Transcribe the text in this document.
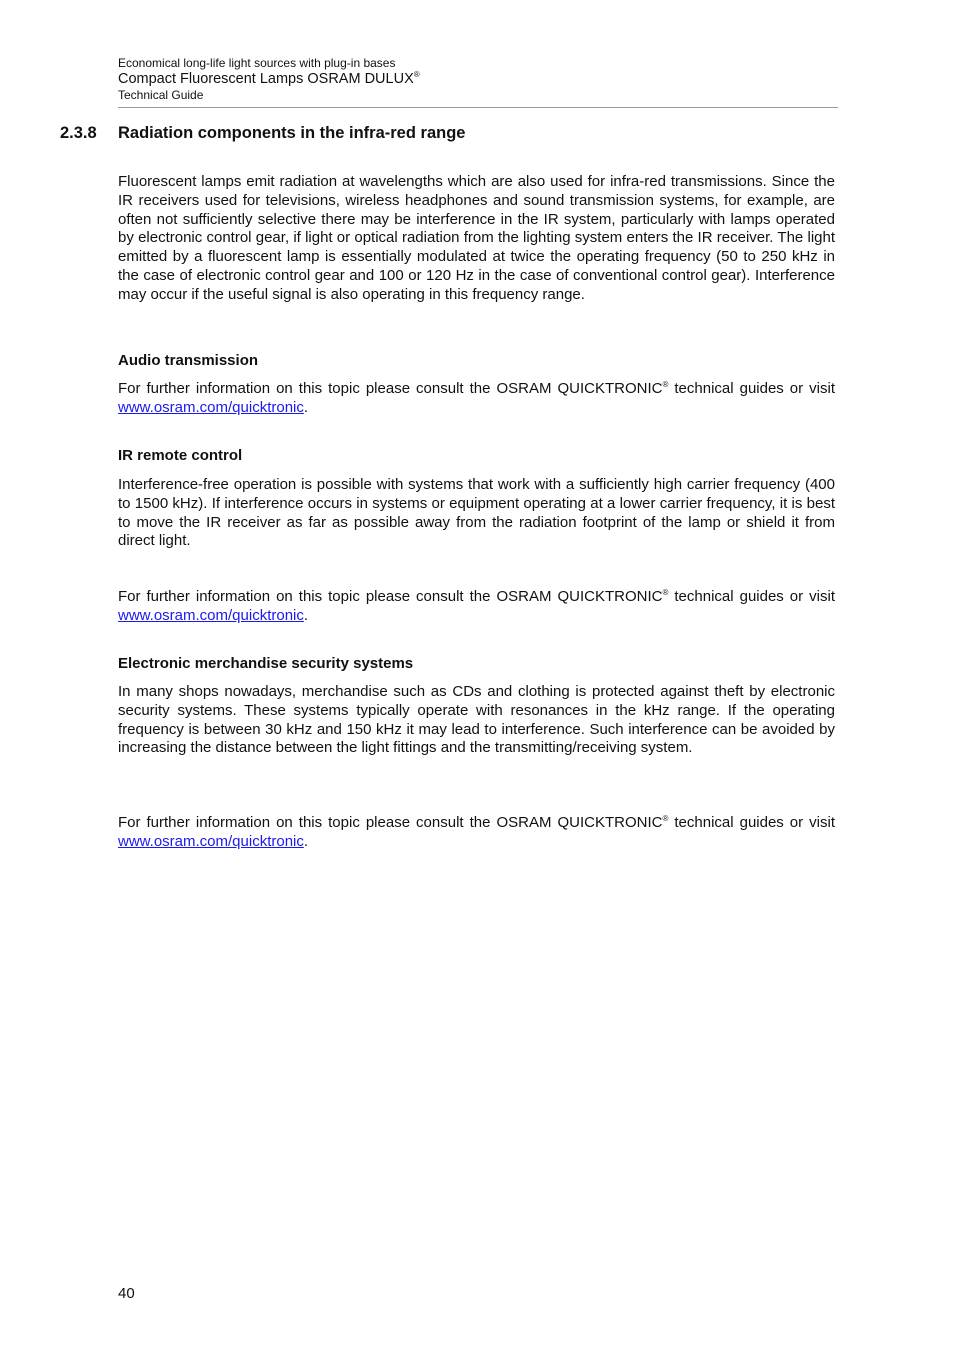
Economical long-life light sources with plug-in bases
Compact Fluorescent Lamps OSRAM DULUX®
Technical Guide
2.3.8 Radiation components in the infra-red range

Fluorescent lamps emit radiation at wavelengths which are also used for infra-red transmissions. Since the IR receivers used for televisions, wireless headphones and sound transmission systems, for example, are often not sufficiently selective there may be interference in the IR system, particularly with lamps operated by electronic control gear, if light or optical radiation from the lighting system enters the IR receiver. The light emitted by a fluorescent lamp is essentially modulated at twice the operating frequency (50 to 250 kHz in the case of electronic control gear and 100 or 120 Hz in the case of conventional control gear). Interference may occur if the useful signal is also operating in this frequency range.

Audio transmission

For further information on this topic please consult the OSRAM QUICKTRONIC® technical guides or visit www.osram.com/quicktronic.

IR remote control

Interference-free operation is possible with systems that work with a sufficiently high carrier frequency (400 to 1500 kHz). If interference occurs in systems or equipment operating at a lower carrier frequency, it is best to move the IR receiver as far as possible away from the radiation footprint of the lamp or shield it from direct light.

For further information on this topic please consult the OSRAM QUICKTRONIC® technical guides or visit www.osram.com/quicktronic.

Electronic merchandise security systems

In many shops nowadays, merchandise such as CDs and clothing is protected against theft by electronic security systems. These systems typically operate with resonances in the kHz range. If the operating frequency is between 30 kHz and 150 kHz it may lead to interference. Such interference can be avoided by increasing the distance between the light fittings and the transmitting/receiving system.

For further information on this topic please consult the OSRAM QUICKTRONIC® technical guides or visit www.osram.com/quicktronic.

40
